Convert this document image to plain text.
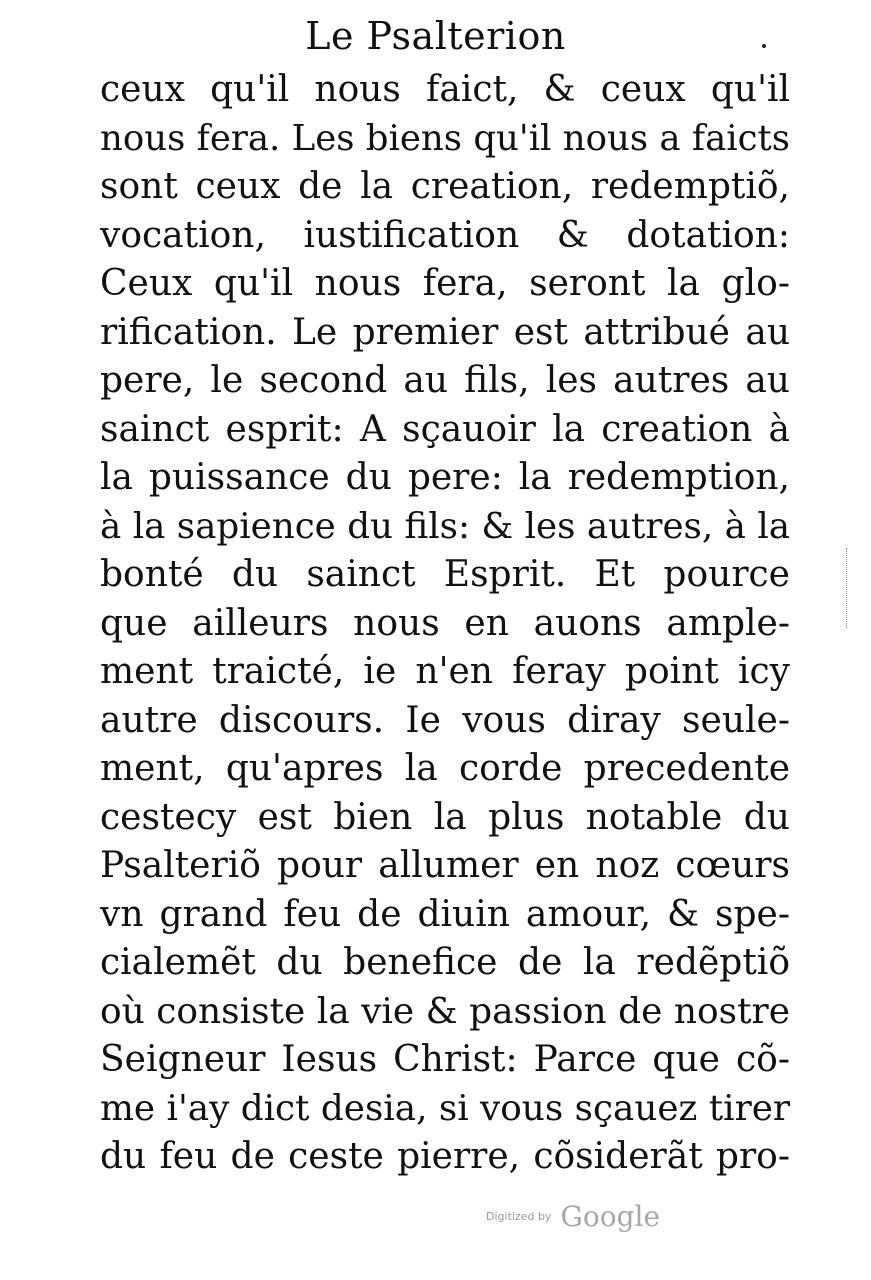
Le Psalterion
ceux qu'il nous faict, & ceux qu'il
nous fera. Les biens qu'il nous a faicts
sont ceux de la creation, redemptiõ,
vocation, iustification & dotation:
Ceux qu'il nous fera, seront la glo-
rification. Le premier est attribué au
pere, le second au fils, les autres au
sainct esprit: A sçauoir la creation à
la puissance du pere: la redemption,
à la sapience du fils: & les autres, à la
bonté du sainct Esprit. Et pource
que ailleurs nous en auons ample-
ment traicté, ie n'en feray point icy
autre discours. Ie vous diray seule-
ment, qu'apres la corde precedente
cestecy est bien la plus notable du
Psalteriõ pour allumer en noz cœurs
vn grand feu de diuin amour, & spe-
cialemẽt du benefice de la redẽptiõ
où consiste la vie & passion de nostre
Seigneur Iesus Christ: Parce que cõ-
me i'ay dict desia, si vous sçauez tirer
du feu de ceste pierre, cõsiderãt pro-
Digitized by Google
